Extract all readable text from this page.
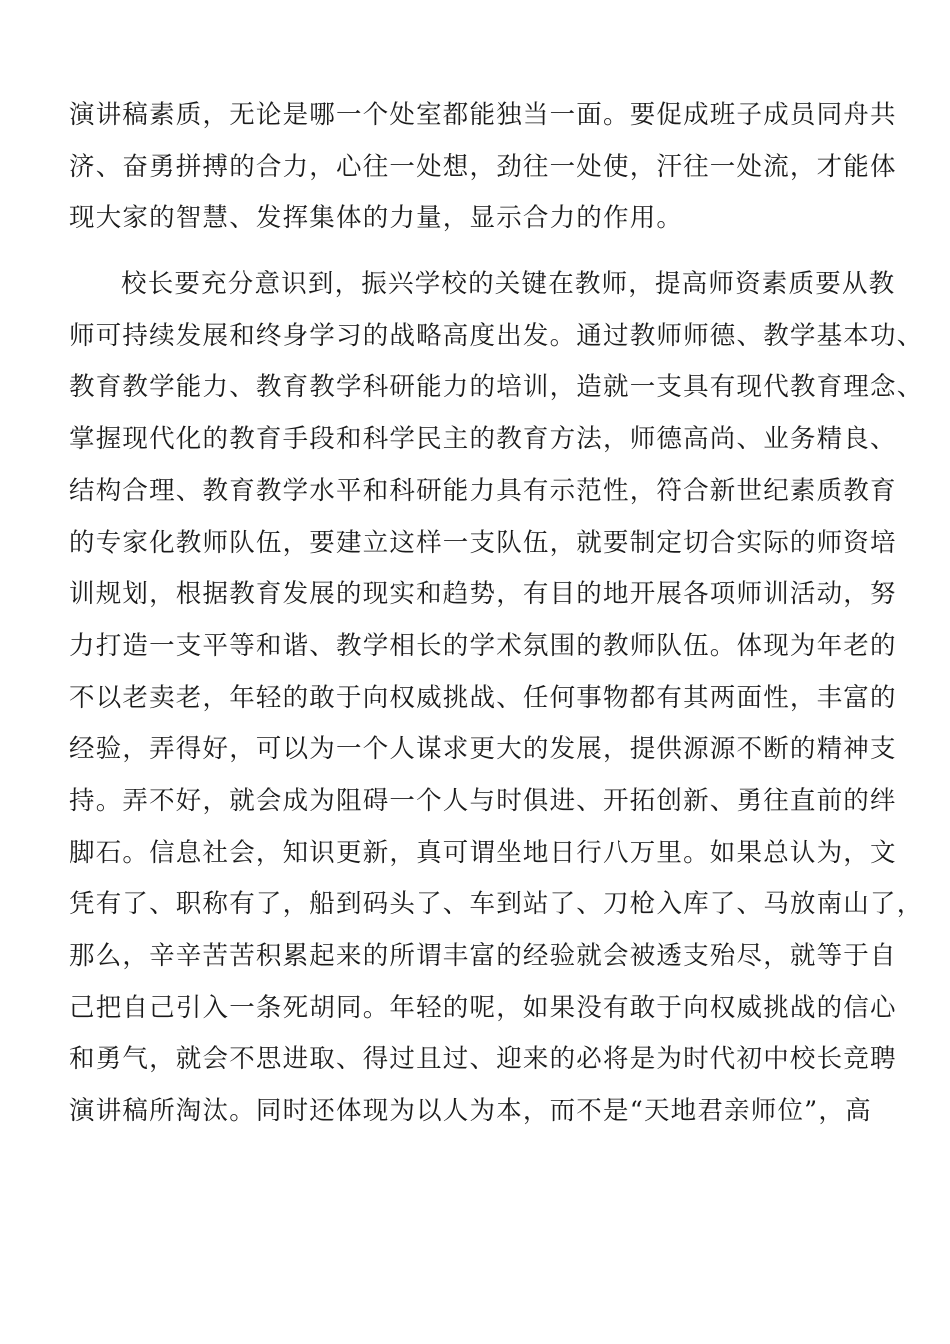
演讲稿素质，无论是哪一个处室都能独当一面。要促成班子成员同舟共
济、奋勇拼搏的合力，心往一处想，劲往一处使，汗往一处流，才能体
现大家的智慧、发挥集体的力量，显示合力的作用。
校长要充分意识到，振兴学校的关键在教师，提高师资素质要从教
师可持续发展和终身学习的战略高度出发。通过教师师德、教学基本功、
教育教学能力、教育教学科研能力的培训，造就一支具有现代教育理念、
掌握现代化的教育手段和科学民主的教育方法，师德高尚、业务精良、
结构合理、教育教学水平和科研能力具有示范性，符合新世纪素质教育
的专家化教师队伍，要建立这样一支队伍，就要制定切合实际的师资培
训规划，根据教育发展的现实和趋势，有目的地开展各项师训活动，努
力打造一支平等和谐、教学相长的学术氛围的教师队伍。体现为年老的
不以老卖老，年轻的敢于向权威挑战、任何事物都有其两面性，丰富的
经验，弄得好，可以为一个人谋求更大的发展，提供源源不断的精神支
持。弄不好，就会成为阻碍一个人与时俱进、开拓创新、勇往直前的绊
脚石。信息社会，知识更新，真可谓坐地日行八万里。如果总认为，文
凭有了、职称有了，船到码头了、车到站了、刀枪入库了、马放南山了，
那么，辛辛苦苦积累起来的所谓丰富的经验就会被透支殆尽，就等于自
己把自己引入一条死胡同。年轻的呢，如果没有敢于向权威挑战的信心
和勇气，就会不思进取、得过且过、迎来的必将是为时代初中校长竞聘
演讲稿所淘汰。同时还体现为以人为本，而不是“天地君亲师位”，高
